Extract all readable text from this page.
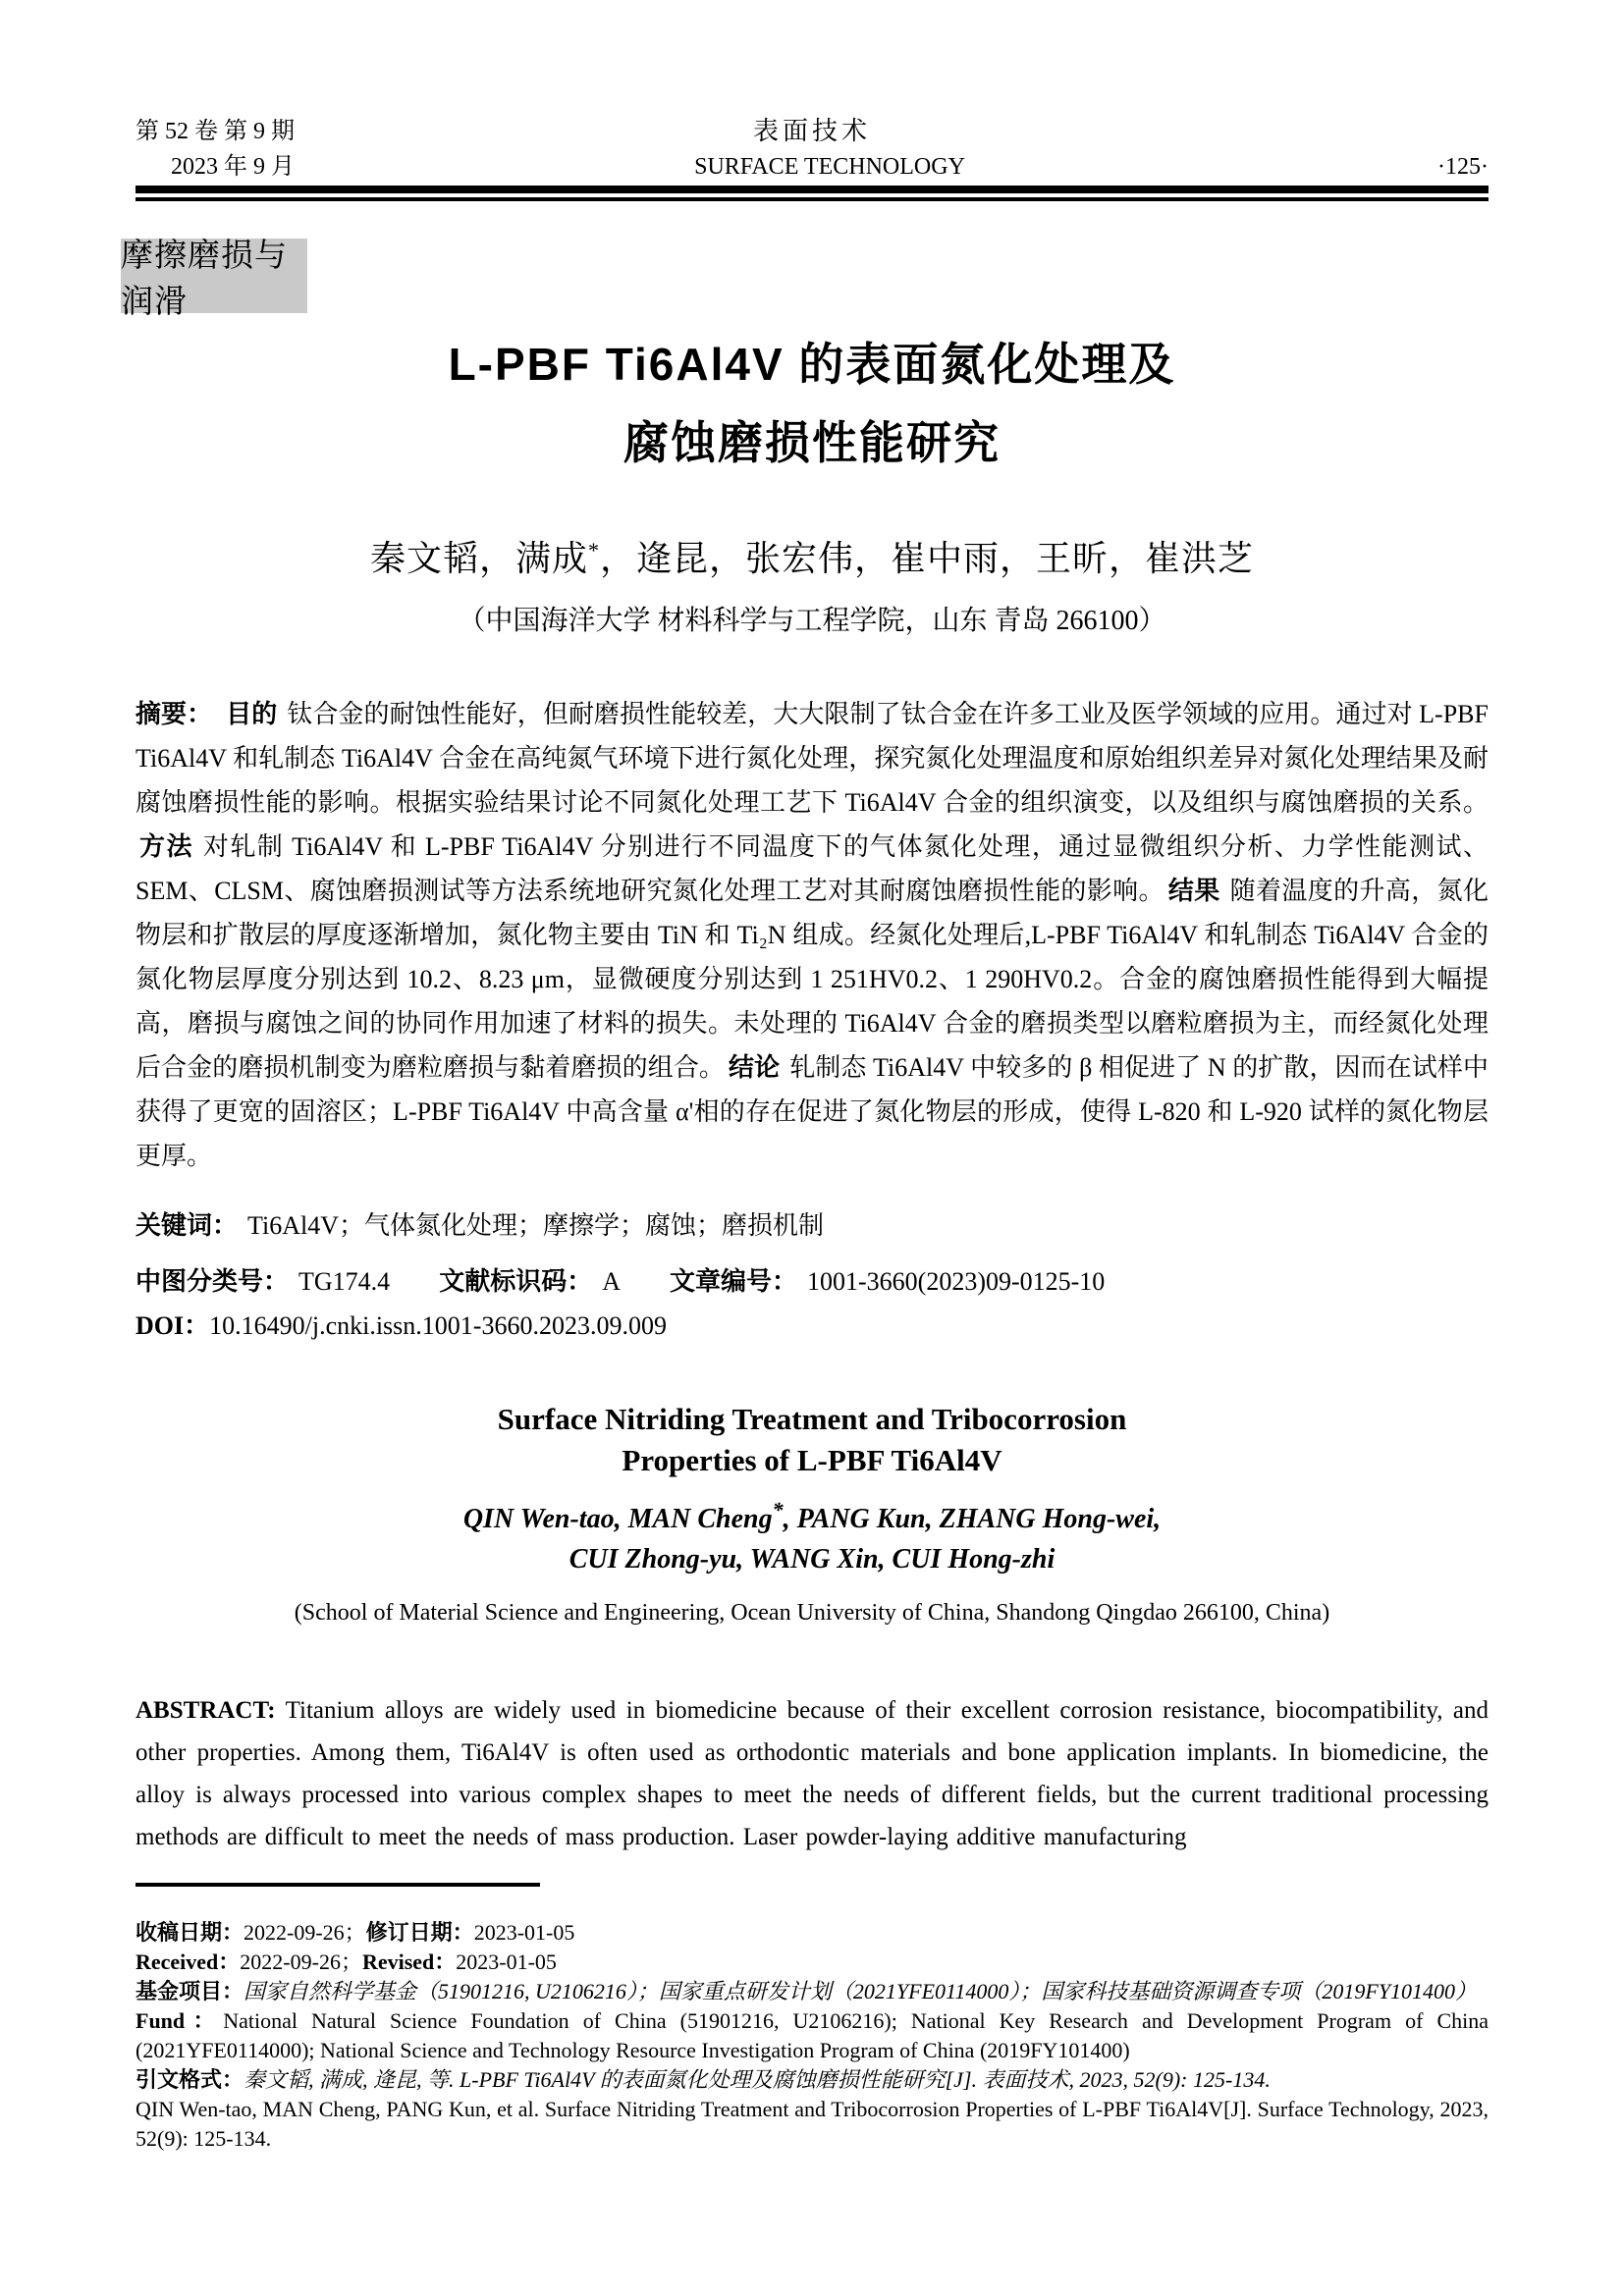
第 52 卷 第 9 期	表面技术
2023 年 9 月	SURFACE TECHNOLOGY	·125·
摩擦磨损与润滑
L-PBF Ti6Al4V 的表面氮化处理及
腐蚀磨损性能研究
秦文韬，满成*，逄昆，张宏伟，崔中雨，王昕，崔洪芝
（中国海洋大学 材料科学与工程学院，山东 青岛 266100）

摘要： 目的 钛合金的耐蚀性能好，但耐磨损性能较差，大大限制了钛合金在许多工业及医学领域的应用。通过对 L-PBF Ti6Al4V 和轧制态 Ti6Al4V 合金在高纯氮气环境下进行氮化处理，探究氮化处理温度和原始组织差异对氮化处理结果及耐腐蚀磨损性能的影响。根据实验结果讨论不同氮化处理工艺下 Ti6Al4V 合金的组织演变，以及组织与腐蚀磨损的关系。方法 对轧制 Ti6Al4V 和 L-PBF Ti6Al4V 分别进行不同温度下的气体氮化处理，通过显微组织分析、力学性能测试、SEM、CLSM、腐蚀磨损测试等方法系统地研究氮化处理工艺对其耐腐蚀磨损性能的影响。 结果 随着温度的升高，氮化物层和扩散层的厚度逐渐增加，氮化物主要由 TiN 和 Ti₂N 组成。经氮化处理后,L-PBF Ti6Al4V 和轧制态 Ti6Al4V 合金的氮化物层厚度分别达到 10.2、8.23 μm，显微硬度分别达到 1 251HV0.2、1 290HV0.2。合金的腐蚀磨损性能得到大幅提高，磨损与腐蚀之间的协同作用加速了材料的损失。未处理的 Ti6Al4V 合金的磨损类型以磨粒磨损为主，而经氮化处理后合金的磨损机制变为磨粒磨损与黏着磨损的组合。 结论 轧制态 Ti6Al4V 中较多的 β 相促进了 N 的扩散，因而在试样中获得了更宽的固溶区；L-PBF Ti6Al4V 中高含量 α'相的存在促进了氮化物层的形成，使得 L-820 和 L-920 试样的氮化物层更厚。

关键词： Ti6Al4V；气体氮化处理；摩擦学；腐蚀；磨损机制
中图分类号： TG174.4 文献标识码： A 文章编号： 1001-3660(2023)09-0125-10
DOI：10.16490/j.cnki.issn.1001-3660.2023.09.009
Surface Nitriding Treatment and Tribocorrosion
Properties of L-PBF Ti6Al4V
QIN Wen-tao, MAN Cheng*, PANG Kun, ZHANG Hong-wei,
CUI Zhong-yu, WANG Xin, CUI Hong-zhi
(School of Material Science and Engineering, Ocean University of China, Shandong Qingdao 266100, China)

ABSTRACT: Titanium alloys are widely used in biomedicine because of their excellent corrosion resistance, biocompatibility, and other properties. Among them, Ti6Al4V is often used as orthodontic materials and bone application implants. In biomedicine, the alloy is always processed into various complex shapes to meet the needs of different fields, but the current traditional processing methods are difficult to meet the needs of mass production. Laser powder-laying additive manufacturing

收稿日期：2022-09-26；修订日期：2023-01-05

Received：2022-09-26；Revised：2023-01-05

基金项目：国家自然科学基金（51901216, U2106216）；国家重点研发计划（2021YFE0114000）；国家科技基础资源调查专项（2019FY101400）

Fund：National Natural Science Foundation of China (51901216, U2106216); National Key Research and Development Program of China (2021YFE0114000); National Science and Technology Resource Investigation Program of China (2019FY101400)

引文格式：秦文韬, 满成, 逄昆, 等. L-PBF Ti6Al4V 的表面氮化处理及腐蚀磨损性能研究[J]. 表面技术, 2023, 52(9): 125-134.

QIN Wen-tao, MAN Cheng, PANG Kun, et al. Surface Nitriding Treatment and Tribocorrosion Properties of L-PBF Ti6Al4V[J]. Surface Technology, 2023, 52(9): 125-134.
